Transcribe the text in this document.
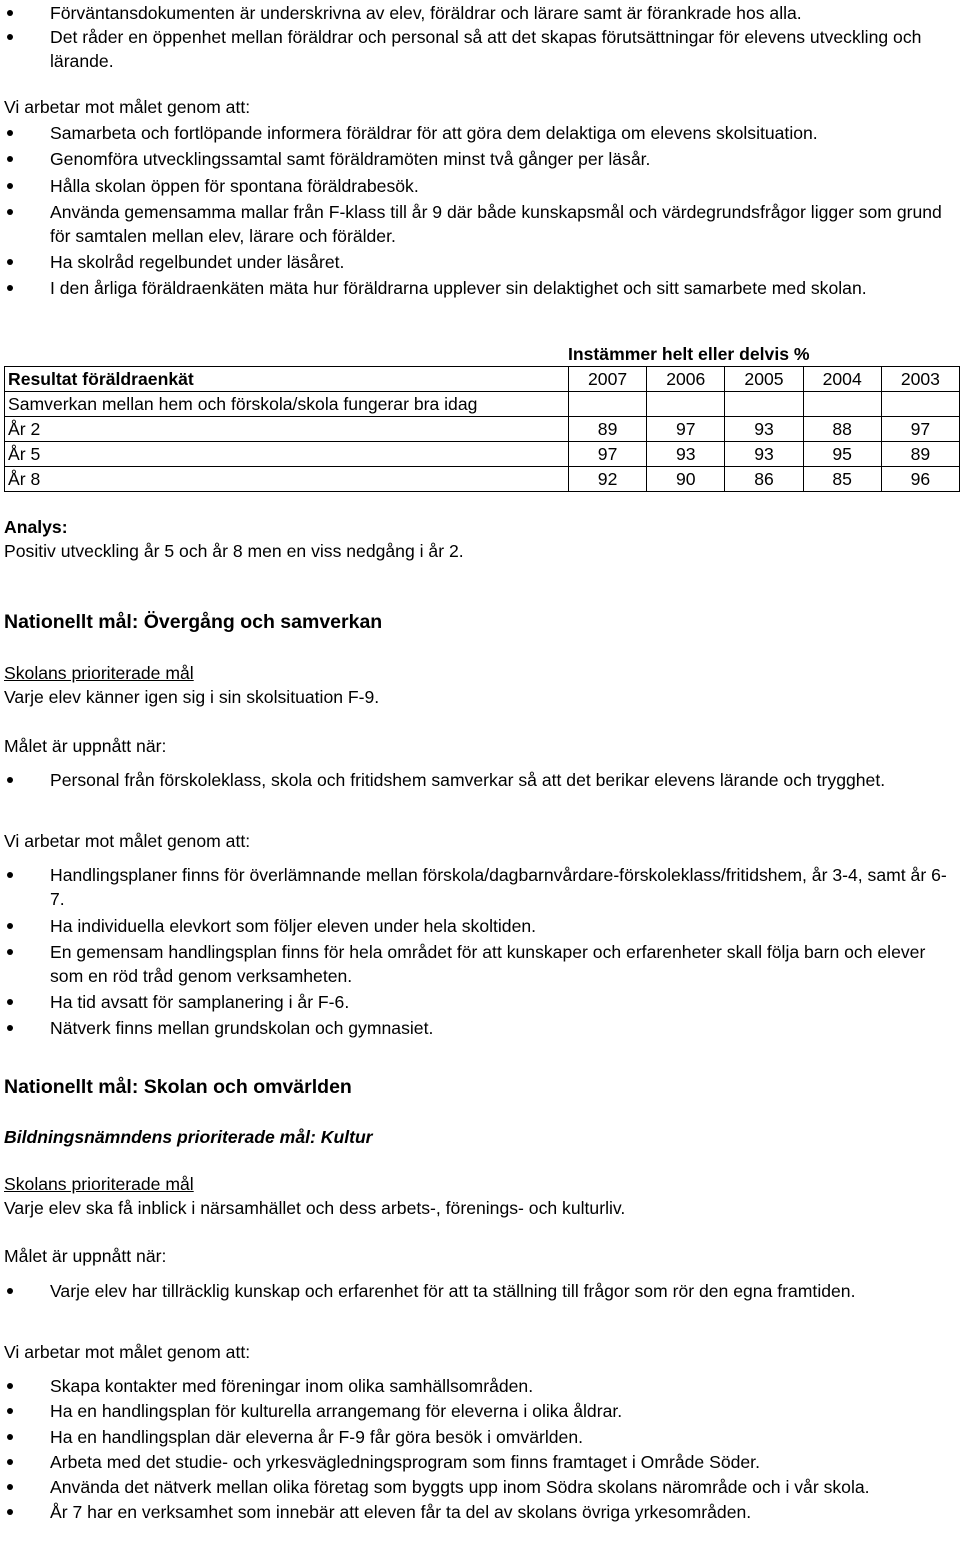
Förväntansdokumenten är underskrivna av elev, föräldrar och lärare samt är förankrade hos alla.
Det råder en öppenhet mellan föräldrar och personal så att det skapas förutsättningar för elevens utveckling och lärande.

Vi arbetar mot målet genom att:

Samarbeta och fortlöpande informera föräldrar för att göra dem delaktiga om elevens skolsituation.
Genomföra utvecklingssamtal samt föräldramöten minst två gånger per läsår.
Hålla skolan öppen för spontana föräldrabesök.
Använda gemensamma mallar från F-klass till år 9 där både kunskapsmål och värdegrundsfrågor ligger som grund för samtalen mellan elev, lärare och förälder.
Ha skolråd regelbundet under läsåret.
I den årliga föräldraenkäten mäta hur föräldrarna upplever sin delaktighet och sitt samarbete med skolan.
Instämmer helt eller delvis %
Resultat föräldraenkät	2007	2006	2005	2004	2003
Samverkan mellan hem och förskola/skola fungerar bra idag					
År 2	89	97	93	88	97
År 5	97	93	93	95	89
År 8	92	90	86	85	96

Analys:

Positiv utveckling år 5 och år 8 men en viss nedgång i år 2.

Nationellt mål: Övergång och samverkan

Skolans prioriterade mål

Varje elev känner igen sig i sin skolsituation F-9.

Målet är uppnått när:

Personal från förskoleklass, skola och fritidshem samverkar så att det berikar elevens lärande och trygghet.

Vi arbetar mot målet genom att:

Handlingsplaner finns för överlämnande mellan förskola/dagbarnvårdare-förskoleklass/fritidshem, år 3-4, samt år 6-7.
Ha individuella elevkort som följer eleven under hela skoltiden.
En gemensam handlingsplan finns för hela området för att kunskaper och erfarenheter skall följa barn och elever som en röd tråd genom verksamheten.
Ha tid avsatt för samplanering i år F-6.
Nätverk finns mellan grundskolan och gymnasiet.

Nationellt mål: Skolan och omvärlden

Bildningsnämndens prioriterade mål: Kultur

Skolans prioriterade mål

Varje elev ska få inblick i närsamhället och dess arbets-, förenings- och kulturliv.

Målet är uppnått när:

Varje elev har tillräcklig kunskap och erfarenhet för att ta ställning till frågor som rör den egna framtiden.

Vi arbetar mot målet genom att:

Skapa kontakter med föreningar inom olika samhällsområden.
Ha en handlingsplan för kulturella arrangemang för eleverna i olika åldrar.
Ha en handlingsplan där eleverna år F-9 får göra besök i omvärlden.
Arbeta med det studie- och yrkesvägledningsprogram som finns framtaget i Område Söder.
Använda det nätverk mellan olika företag som byggts upp inom Södra skolans närområde och i vår skola.
År 7 har en verksamhet som innebär att eleven får ta del av skolans övriga yrkesområden.
